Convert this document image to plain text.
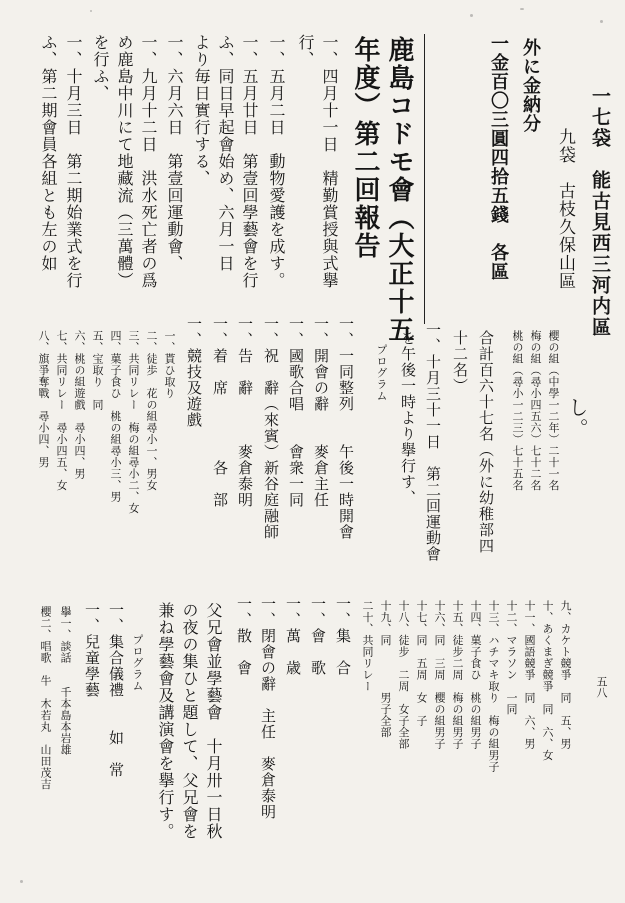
五八
一七袋　能古見西三河内區
　　九袋　古枝久保山區
外に金納分
一金百〇三圓四拾五錢　各區
　　　し。
鹿島コドモ會（大正十五
年度）第二回報告
一、四月十一日　精勤賞授與式擧
行、
一、五月二日　動物愛護を成す。
一、五月廿日　第壹回學藝會を行
ふ、同日早起會始め、六月一日
より毎日實行する、
一、六月六日　第壹回運動會、
一、九月十二日　洪水死亡者の爲
め鹿島中川にて地藏流（三萬體）
を行ふ、
一、十月三日　第二期始業式を行
ふ、第二期會員各組とも左の如
櫻の組（中學一二年）二十一名
梅の組（尋小四五六）七十二名
桃の組（尋小一二三）七十五名
合計百六十七名（外に幼稚部四
十二名）
一、十月三十一日　第二回運動會
を午後一時より擧行す、
プログラム
一、一同整列　　午後一時開會
一、開會の辭　　麥倉主任
一、國歌合唱　　會衆一同
一、祝　辭（來賓）新谷庭融師
一、告　辭　　　麥倉泰明
一、着　席　　　　各　部
一、競技及遊戲
一、貰ひ取り
二、徒歩　花の組尋小一、男女
三、共同リレー　梅の組尋小二、女
四、菓子食ひ　桃の組尋小三、男
五、宝取り　同
六、桃の組遊戲　尋小四、男
七、共同リレー　尋小四五、女
八、旗爭奪戰　尋小四、男
九、カケト競爭　同　五、男
十、あくまぎ競爭　同　六、女
十一、國語競爭　同　六、男
十二、マラソン　一同
十三、ハチマキ取り　梅の組男子
十四、菓子食ひ　桃の組男子
十五、徒步二周　梅の組男子
十六、同　三周　櫻の組男子
十七、同　五周　女　子
十八、徒步　二周　女子全部
十九、同　　　　男子全部
二十、共同リレー
一、集　合
一、會　歌
一、萬　歳
一、閉會の辭　主任　麥倉泰明
一、散　會
父兄會並學藝會　十月卅一日秋
の夜の集ひと題して、父兄會を
兼ね學藝會及講演會を擧行す。
プログラム
一、集合儀禮　　如　常
一、兒童學藝
擧一、談話　　千本島本岩雄
櫻二、唱歌　牛　木若丸　山田茂吉
